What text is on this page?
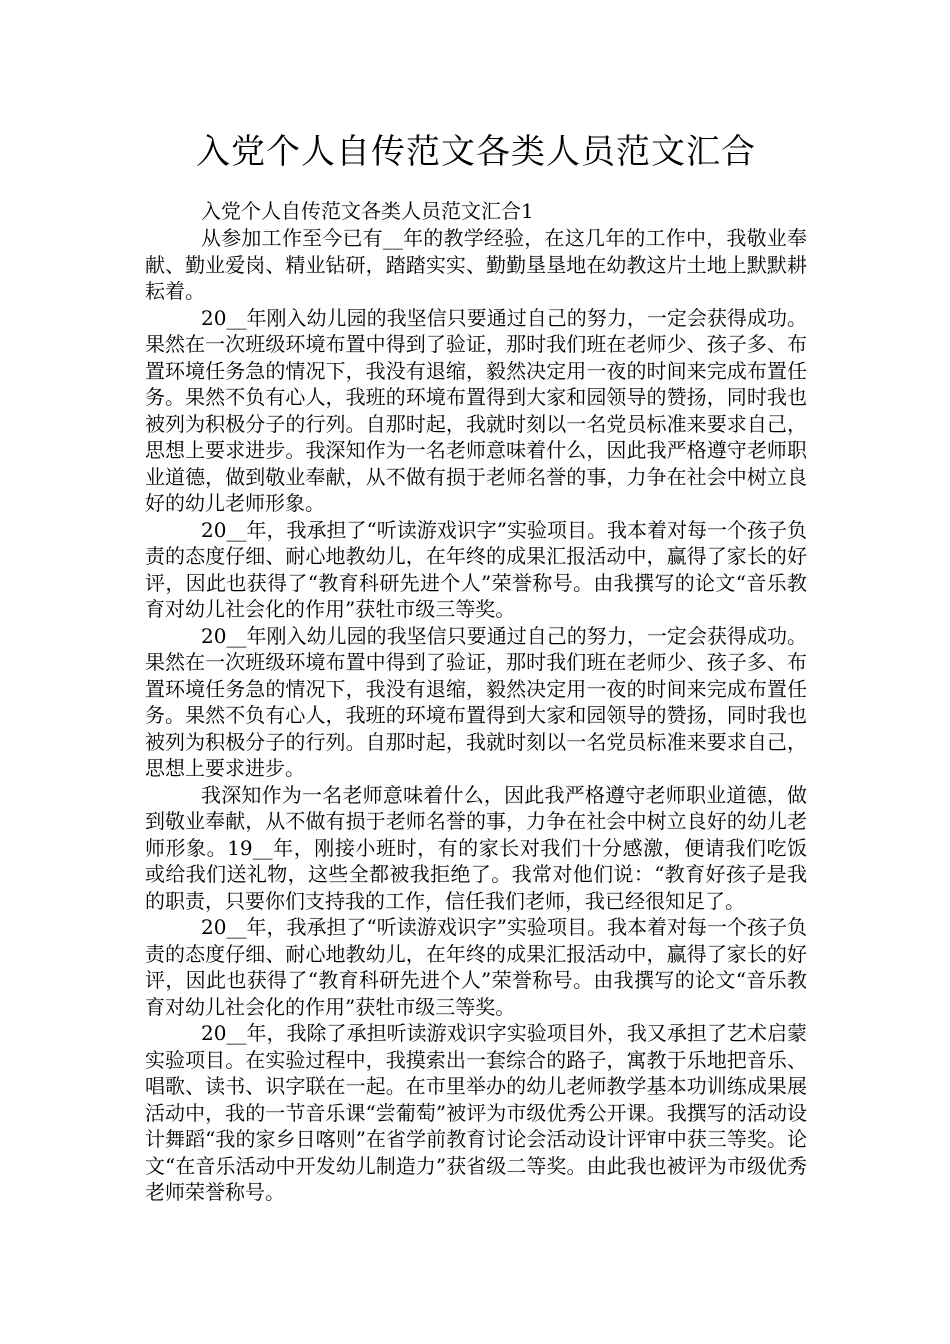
入党个人自传范文各类人员范文汇合

入党个人自传范文各类人员范文汇合1

从参加工作至今已有__年的教学经验，在这几年的工作中，我敬业奉献、勤业爱岗、精业钻研，踏踏实实、勤勤垦垦地在幼教这片土地上默默耕耘着。

20__年刚入幼儿园的我坚信只要通过自己的努力，一定会获得成功。果然在一次班级环境布置中得到了验证，那时我们班在老师少、孩子多、布置环境任务急的情况下，我没有退缩，毅然决定用一夜的时间来完成布置任务。果然不负有心人，我班的环境布置得到大家和园领导的赞扬，同时我也被列为积极分子的行列。自那时起，我就时刻以一名党员标准来要求自己，思想上要求进步。我深知作为一名老师意味着什么，因此我严格遵守老师职业道德，做到敬业奉献，从不做有损于老师名誉的事，力争在社会中树立良好的幼儿老师形象。

20__年，我承担了“听读游戏识字”实验项目。我本着对每一个孩子负责的态度仔细、耐心地教幼儿，在年终的成果汇报活动中，赢得了家长的好评，因此也获得了“教育科研先进个人”荣誉称号。由我撰写的论文“音乐教育对幼儿社会化的作用”获牡市级三等奖。

20__年刚入幼儿园的我坚信只要通过自己的努力，一定会获得成功。果然在一次班级环境布置中得到了验证，那时我们班在老师少、孩子多、布置环境任务急的情况下，我没有退缩，毅然决定用一夜的时间来完成布置任务。果然不负有心人，我班的环境布置得到大家和园领导的赞扬，同时我也被列为积极分子的行列。自那时起，我就时刻以一名党员标准来要求自己，思想上要求进步。

我深知作为一名老师意味着什么，因此我严格遵守老师职业道德，做到敬业奉献，从不做有损于老师名誉的事，力争在社会中树立良好的幼儿老师形象。19__年，刚接小班时，有的家长对我们十分感激，便请我们吃饭或给我们送礼物，这些全都被我拒绝了。我常对他们说：“教育好孩子是我的职责，只要你们支持我的工作，信任我们老师，我已经很知足了。

20__年，我承担了“听读游戏识字”实验项目。我本着对每一个孩子负责的态度仔细、耐心地教幼儿，在年终的成果汇报活动中，赢得了家长的好评，因此也获得了“教育科研先进个人”荣誉称号。由我撰写的论文“音乐教育对幼儿社会化的作用”获牡市级三等奖。

20__年，我除了承担听读游戏识字实验项目外，我又承担了艺术启蒙实验项目。在实验过程中，我摸索出一套综合的路子，寓教于乐地把音乐、唱歌、读书、识字联在一起。在市里举办的幼儿老师教学基本功训练成果展活动中，我的一节音乐课“尝葡萄”被评为市级优秀公开课。我撰写的活动设计舞蹈“我的家乡日喀则”在省学前教育讨论会活动设计评审中获三等奖。论文“在音乐活动中开发幼儿制造力”获省级二等奖。由此我也被评为市级优秀老师荣誉称号。
